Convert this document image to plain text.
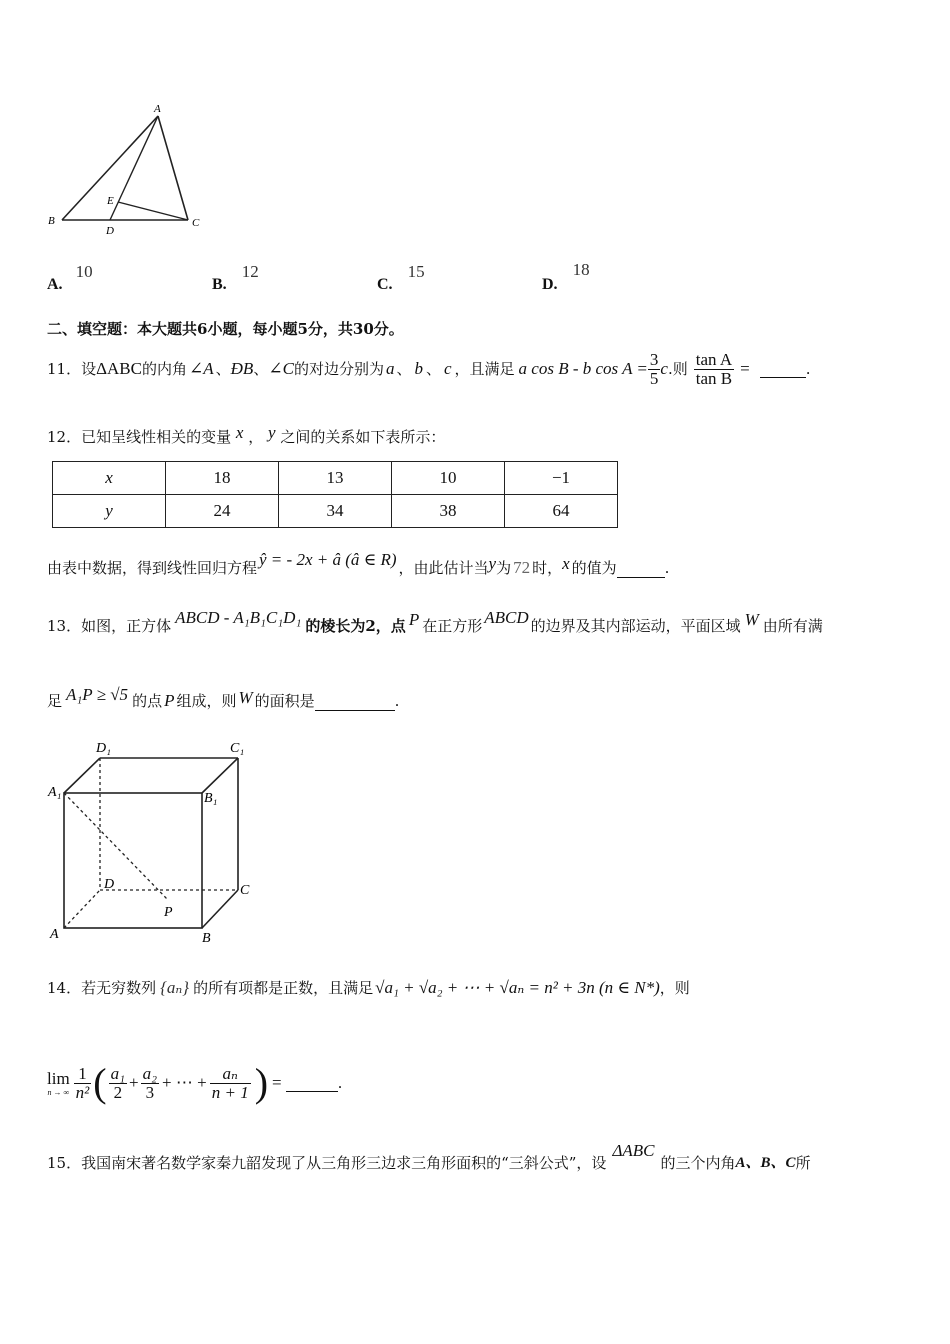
A
B	C
D
E
A. 10
B. 12
C. 15
D. 18
二、填空题：本大题共6小题，每小题5分，共30分。
11．设 ΔABC 的内角 ∠A 、 ÐB 、 ∠C 的对边分别为 a 、 b 、 c ，且满足 a cos B - b $\cos A = \frac{3}{5}$ c .则 $\frac{\text{tan A}}{\text{tan B}}$ =	.
12．已知呈线性相关的变量 x ， y 之间的关系如下表所示：
x	18	13	10	−1
y	24	34	38	64
由表中数据，得到线性回归方程 ŷ = - 2x + â (â ∈ R) ，由此估计当 y 为 72 时， x 的值为	.
13．如图，正方体 ABCD - A₁B₁C₁D₁ 的棱长为2，点 P 在正方形 ABCD 的边界及其内部运动，平面区域 W 由所有满
足 A₁P ≥ √5 的点 P 组成，则 W 的面积是	.
D₁	C₁
A₁	B₁
D	C
P
A	B
14．若无穷数列 {aₙ} 的所有项都是正数，且满足 √a₁ + √a₂ + ⋯ + √aₙ = n² + 3n (n ∈ N*) ，则
lim
n → ∞ $\frac{1}{\text{n²}}$ ( $\frac{\text{a₁}}{2} + \frac{\text{a₂}}{3}$ + ⋯ + $\frac{\text{aₙ}}{n + 1}$ ) =	.
15．我国南宋著名数学家秦九韶发现了从三角形三边求三角形面积的“三斜公式”，设
ΔABC
的三个内角 A、B、C 所
